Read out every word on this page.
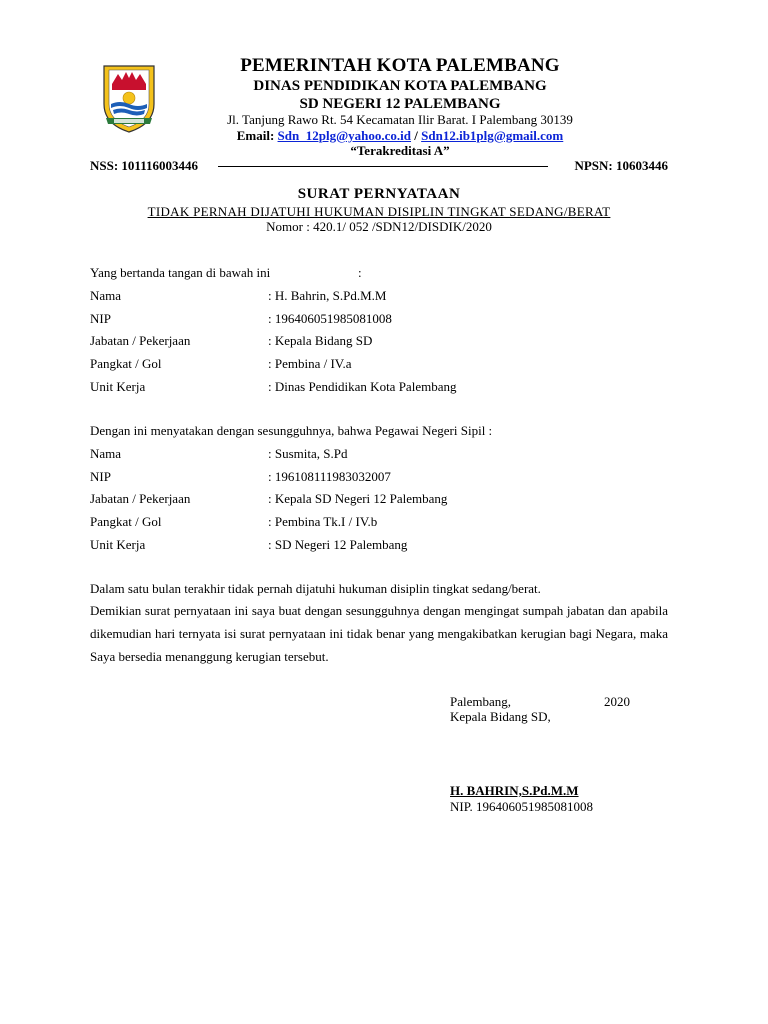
PEMERINTAH KOTA PALEMBANG
DINAS PENDIDIKAN KOTA PALEMBANG
SD NEGERI 12 PALEMBANG
Jl. Tanjung Rawo Rt. 54 Kecamatan Ilir Barat. I Palembang 30139
Email: Sdn_12plg@yahoo.co.id / Sdn12.ib1plg@gmail.com
“Terakreditasi A”
NSS: 101116003446	NPSN: 10603446
SURAT PERNYATAAN
TIDAK PERNAH DIJATUHI HUKUMAN DISIPLIN TINGKAT SEDANG/BERAT
Nomor : 420.1/ 052 /SDN12/DISDIK/2020
Yang bertanda tangan di bawah ini	:
Nama	: H. Bahrin, S.Pd.M.M
NIP	: 196406051985081008
Jabatan / Pekerjaan	: Kepala Bidang SD
Pangkat / Gol	: Pembina / IV.a
Unit Kerja	: Dinas Pendidikan Kota Palembang
Dengan ini menyatakan dengan sesungguhnya, bahwa Pegawai Negeri Sipil :
Nama	: Susmita, S.Pd
NIP	: 196108111983032007
Jabatan / Pekerjaan	: Kepala SD Negeri 12 Palembang
Pangkat / Gol	: Pembina Tk.I / IV.b
Unit Kerja	: SD Negeri 12 Palembang
Dalam satu bulan terakhir tidak pernah dijatuhi hukuman disiplin tingkat sedang/berat.
Demikian surat pernyataan ini saya buat dengan sesungguhnya dengan mengingat sumpah jabatan dan apabila dikemudian hari ternyata isi surat pernyataan ini tidak benar yang mengakibatkan kerugian bagi Negara, maka Saya bersedia menanggung kerugian tersebut.
Palembang,	2020
Kepala Bidang SD,
H. BAHRIN,S.Pd.M.M
NIP. 196406051985081008
